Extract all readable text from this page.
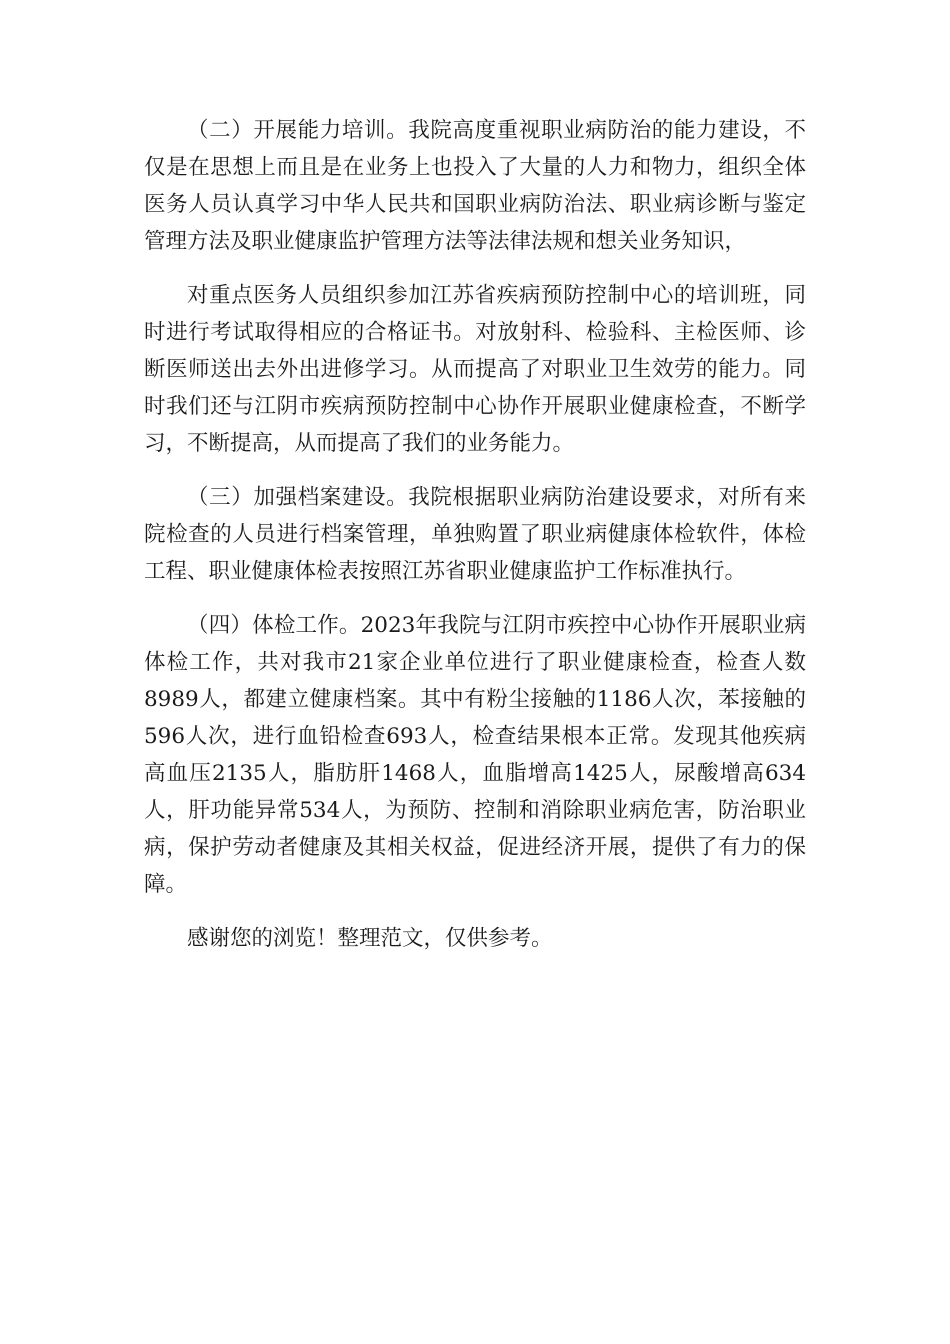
（二）开展能力培训。我院高度重视职业病防治的能力建设，不仅是在思想上而且是在业务上也投入了大量的人力和物力，组织全体医务人员认真学习中华人民共和国职业病防治法、职业病诊断与鉴定管理方法及职业健康监护管理方法等法律法规和想关业务知识，

对重点医务人员组织参加江苏省疾病预防控制中心的培训班，同时进行考试取得相应的合格证书。对放射科、检验科、主检医师、诊断医师送出去外出进修学习。从而提高了对职业卫生效劳的能力。同时我们还与江阴市疾病预防控制中心协作开展职业健康检查，不断学习，不断提高，从而提高了我们的业务能力。

（三）加强档案建设。我院根据职业病防治建设要求，对所有来院检查的人员进行档案管理，单独购置了职业病健康体检软件，体检工程、职业健康体检表按照江苏省职业健康监护工作标准执行。

（四）体检工作。2023年我院与江阴市疾控中心协作开展职业病体检工作，共对我市21家企业单位进行了职业健康检查，检查人数8989人，都建立健康档案。其中有粉尘接触的1186人次，苯接触的596人次，进行血铅检查693人，检查结果根本正常。发现其他疾病高血压2135人，脂肪肝1468人，血脂增高1425人，尿酸增高634人，肝功能异常534人，为预防、控制和消除职业病危害，防治职业病，保护劳动者健康及其相关权益，促进经济开展，提供了有力的保障。

感谢您的浏览！整理范文，仅供参考。
